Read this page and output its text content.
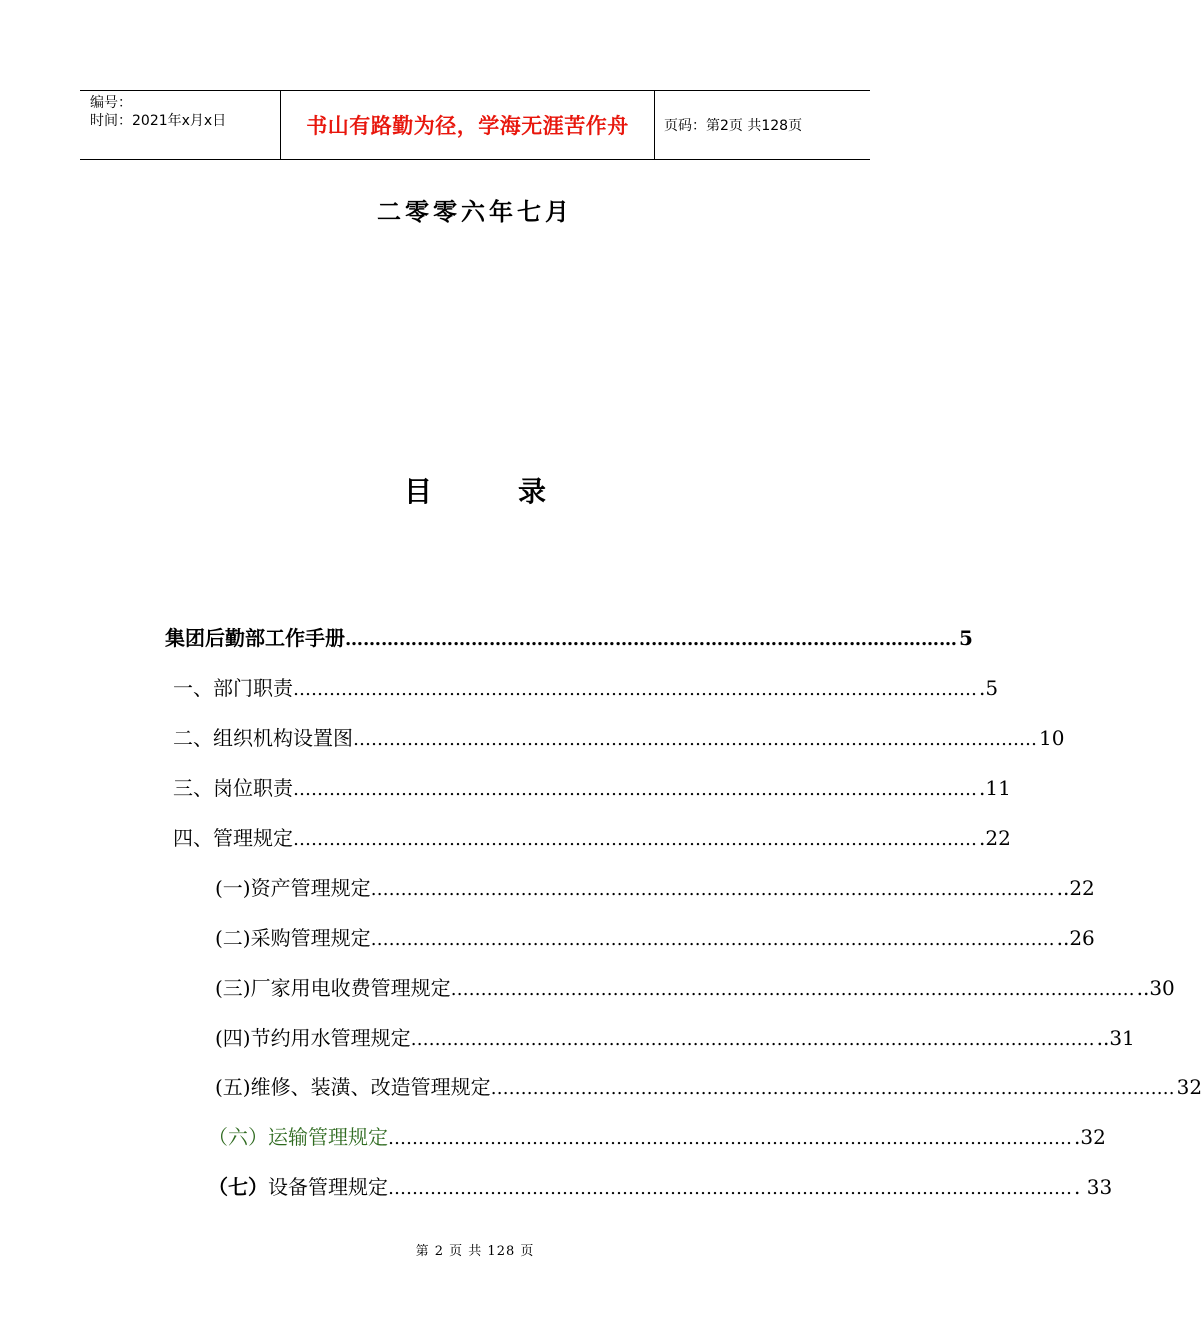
编号：
时间：2021年x月x日	书山有路勤为径，学海无涯苦作舟	页码：第2页 共128页
二零零六年七月
目录
集团后勤部工作手册 ………………………………………………………………………………………… 5
一、部门职责 …………………………………………………………………………………………………… .5
二、组织机构设置图 …………………………………………………………………………………………………… 10
三、岗位职责 …………………………………………………………………………………………………… .11
四、管理规定 …………………………………………………………………………………………………… .22
(一) 资产管理规定 …………………………………………………………………………………………………… ..22
(二) 采购管理规定 …………………………………………………………………………………………………… ..26
(三) 厂家用电收费管理规定 …………………………………………………………………………………………………… ..30
(四) 节约用水管理规定 …………………………………………………………………………………………………… ..31
(五) 维修、装潢、改造管理规定 …………………………………………………………………………………………………… 32
（六） 运输管理规定 …………………………………………………………………………………………………… .32
（七） 设备管理规定 …………………………………………………………………………………………………… . 33
第 2 页 共 128 页
